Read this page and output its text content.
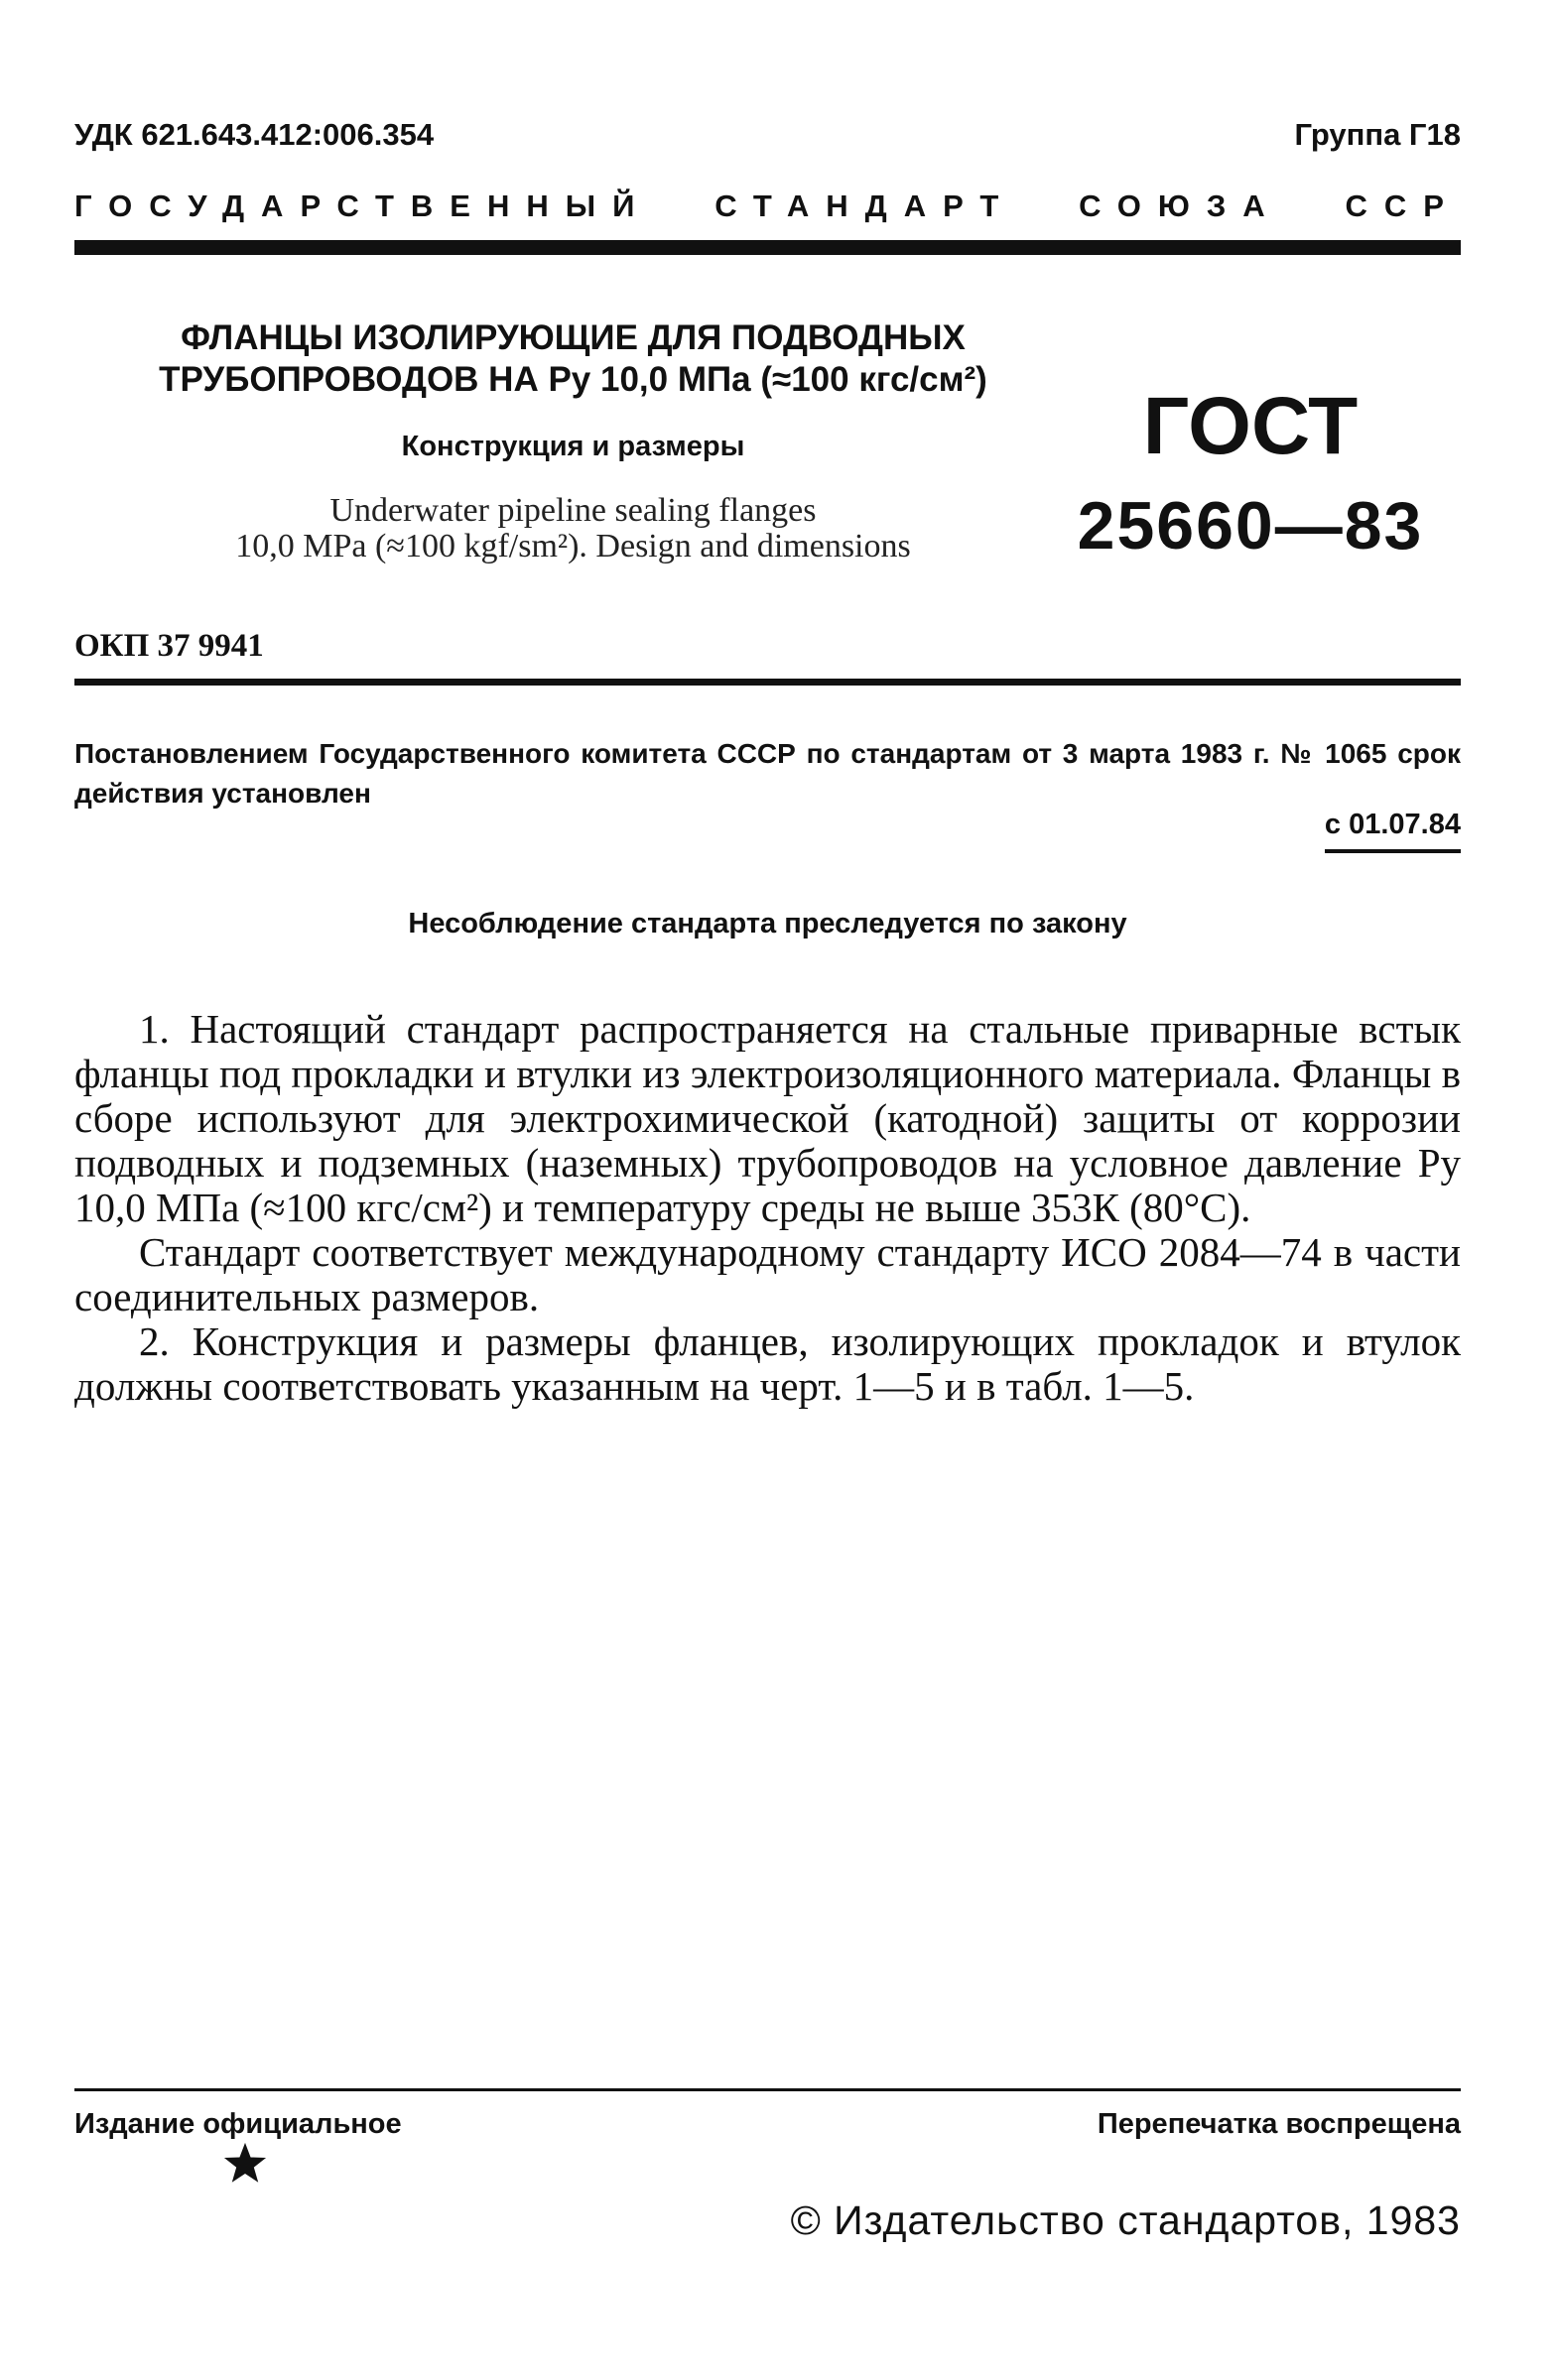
УДК 621.643.412:006.354	Группа Г18
ГОСУДАРСТВЕННЫЙ СТАНДАРТ СОЮЗА ССР
ФЛАНЦЫ ИЗОЛИРУЮЩИЕ ДЛЯ ПОДВОДНЫХ
ТРУБОПРОВОДОВ НА Pу 10,0 МПа (≈100 кгс/см²)
Конструкция и размеры
Underwater pipeline sealing flanges
10,0 MPa (≈100 kgf/sm²). Design and dimensions
ГОСТ
25660—83
ОКП 37 9941
Постановлением Государственного комитета СССР по стандартам от 3 марта 1983 г. № 1065 срок действия установлен
с 01.07.84
Несоблюдение стандарта преследуется по закону

1. Настоящий стандарт распространяется на стальные приварные встык фланцы под прокладки и втулки из электроизоляционного материала. Фланцы в сборе используют для электрохимической (катодной) защиты от коррозии подводных и подземных (наземных) трубопроводов на условное давление Pу 10,0 МПа (≈100 кгс/см²) и температуру среды не выше 353К (80°С).

Стандарт соответствует международному стандарту ИСО 2084—74 в части соединительных размеров.

2. Конструкция и размеры фланцев, изолирующих прокладок и втулок должны соответствовать указанным на черт. 1—5 и в табл. 1—5.

Издание официальное	Перепечатка воспрещена
© Издательство стандартов, 1983
